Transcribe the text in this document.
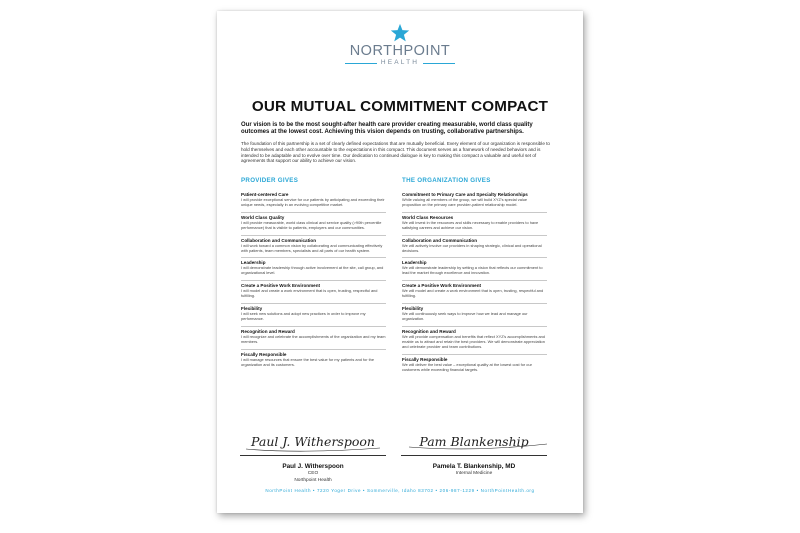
NORTHPOINT
HEALTH
OUR MUTUAL COMMITMENT COMPACT
Our vision is to be the most sought-after health care provider creating measurable, world class quality outcomes at the lowest cost. Achieving this vision depends on trusting, collaborative partnerships.
The foundation of this partnership is a set of clearly defined expectations that are mutually beneficial. Every element of our organization is responsible to hold themselves and each other accountable to the expectations in this compact. This document serves as a framework of needed behaviors and is intended to be adaptable and to evolve over time. Our dedication to continued dialogue is key to making this compact a valuable and useful set of agreements that support our ability to achieve our vision.
PROVIDER GIVES
Patient-centered Care
I will provide exceptional service for our patients by anticipating and exceeding their unique needs, especially in an evolving competitive market.
World Class Quality
I will provide measurable, world class clinical and service quality (>90th percentile performance) that is visible to patients, employers and our communities.
Collaboration and Communication
I will work toward a common vision by collaborating and communicating effectively with patients, team members, specialists and all parts of our health system.
Leadership
I will demonstrate leadership through active involvement at the site, call group, and organizational level.
Create a Positive Work Environment
I will model and create a work environment that is open, trusting, respectful and fulfilling.
Flexibility
I will seek new solutions and adopt new practices in order to improve my performance.
Recognition and Reward
I will recognize and celebrate the accomplishments of the organization and my team members.
Fiscally Responsible
I will manage resources that ensure the best value for my patients and for the organization and its customers.
THE ORGANIZATION GIVES
Commitment to Primary Care and Specialty Relationships
While valuing all members of the group, we will build XYZ's special value proposition on the primary care provider-patient relationship model.
World Class Resources
We will invest in the resources and skills necessary to enable providers to have satisfying careers and achieve our vision.
Collaboration and Communication
We will actively involve our providers in shaping strategic, clinical and operational decisions.
Leadership
We will demonstrate leadership by setting a vision that reflects our commitment to lead the market through excellence and innovation.
Create a Positive Work Environment
We will model and create a work environment that is open, trusting, respectful and fulfilling.
Flexibility
We will continuously seek ways to improve how we lead and manage our organization.
Recognition and Reward
We will provide compensation and benefits that reflect XYZ's accomplishments and enable us to attract and retain the best providers. We will demonstrate appreciation and celebrate provider and team contributions.
Fiscally Responsible
We will deliver the best value – exceptional quality at the lowest cost for our customers while exceeding financial targets.
Paul J. Witherspoon
Paul J. Witherspoon
CEO
Northpoint Health
Pam Blankenship
Pamela T. Blankenship, MD
Internal Medicine
NorthPoint Health • 7220 Yoger Drive • Sommerville, Idaho 83702 • 206-987-1229 • NorthPointHealth.org
